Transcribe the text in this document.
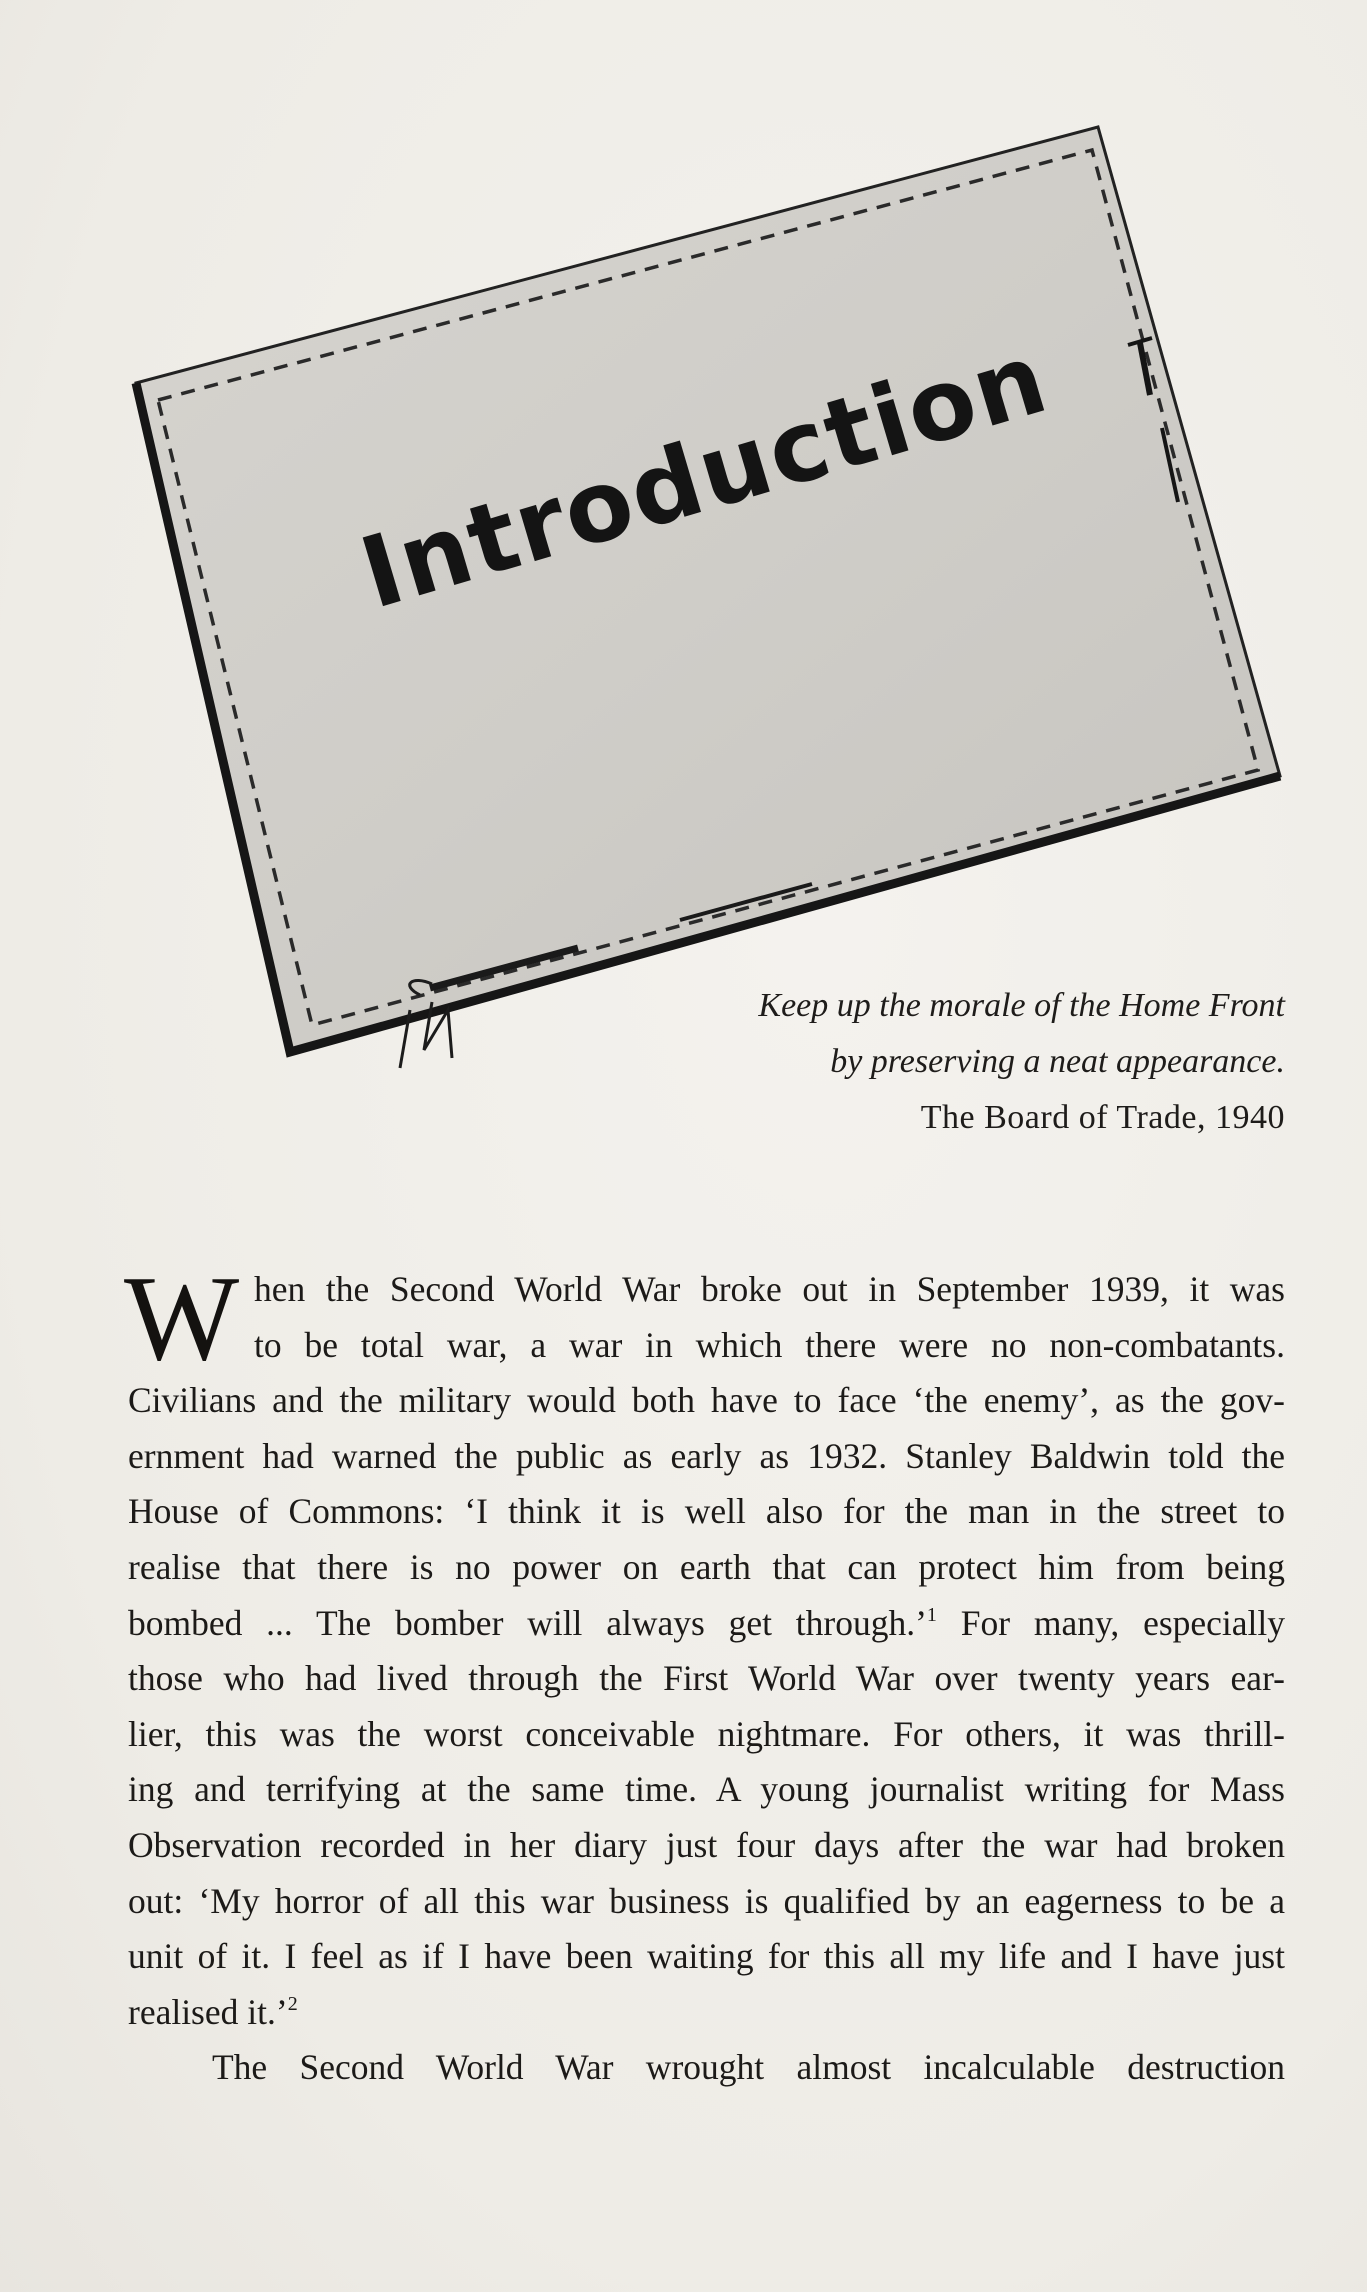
Introduction
Keep up the morale of the Home Front
by preserving a neat appearance.
The Board of Trade, 1940
W hen the Second World War broke out in September 1939, it was
to be total war, a war in which there were no non-combatants.
Civilians and the military would both have to face ‘the enemy’, as the gov-
ernment had warned the public as early as 1932. Stanley Baldwin told the
House of Commons: ‘I think it is well also for the man in the street to
realise that there is no power on earth that can protect him from being
bombed ... The bomber will always get through.’$^1$ For many, especially
those who had lived through the First World War over twenty years ear-
lier, this was the worst conceivable nightmare. For others, it was thrill-
ing and terrifying at the same time. A young journalist writing for Mass
Observation recorded in her diary just four days after the war had broken
out: ‘My horror of all this war business is qualified by an eagerness to be a
unit of it. I feel as if I have been waiting for this all my life and I have just
realised it.’$^2$
The Second World War wrought almost incalculable destruction
